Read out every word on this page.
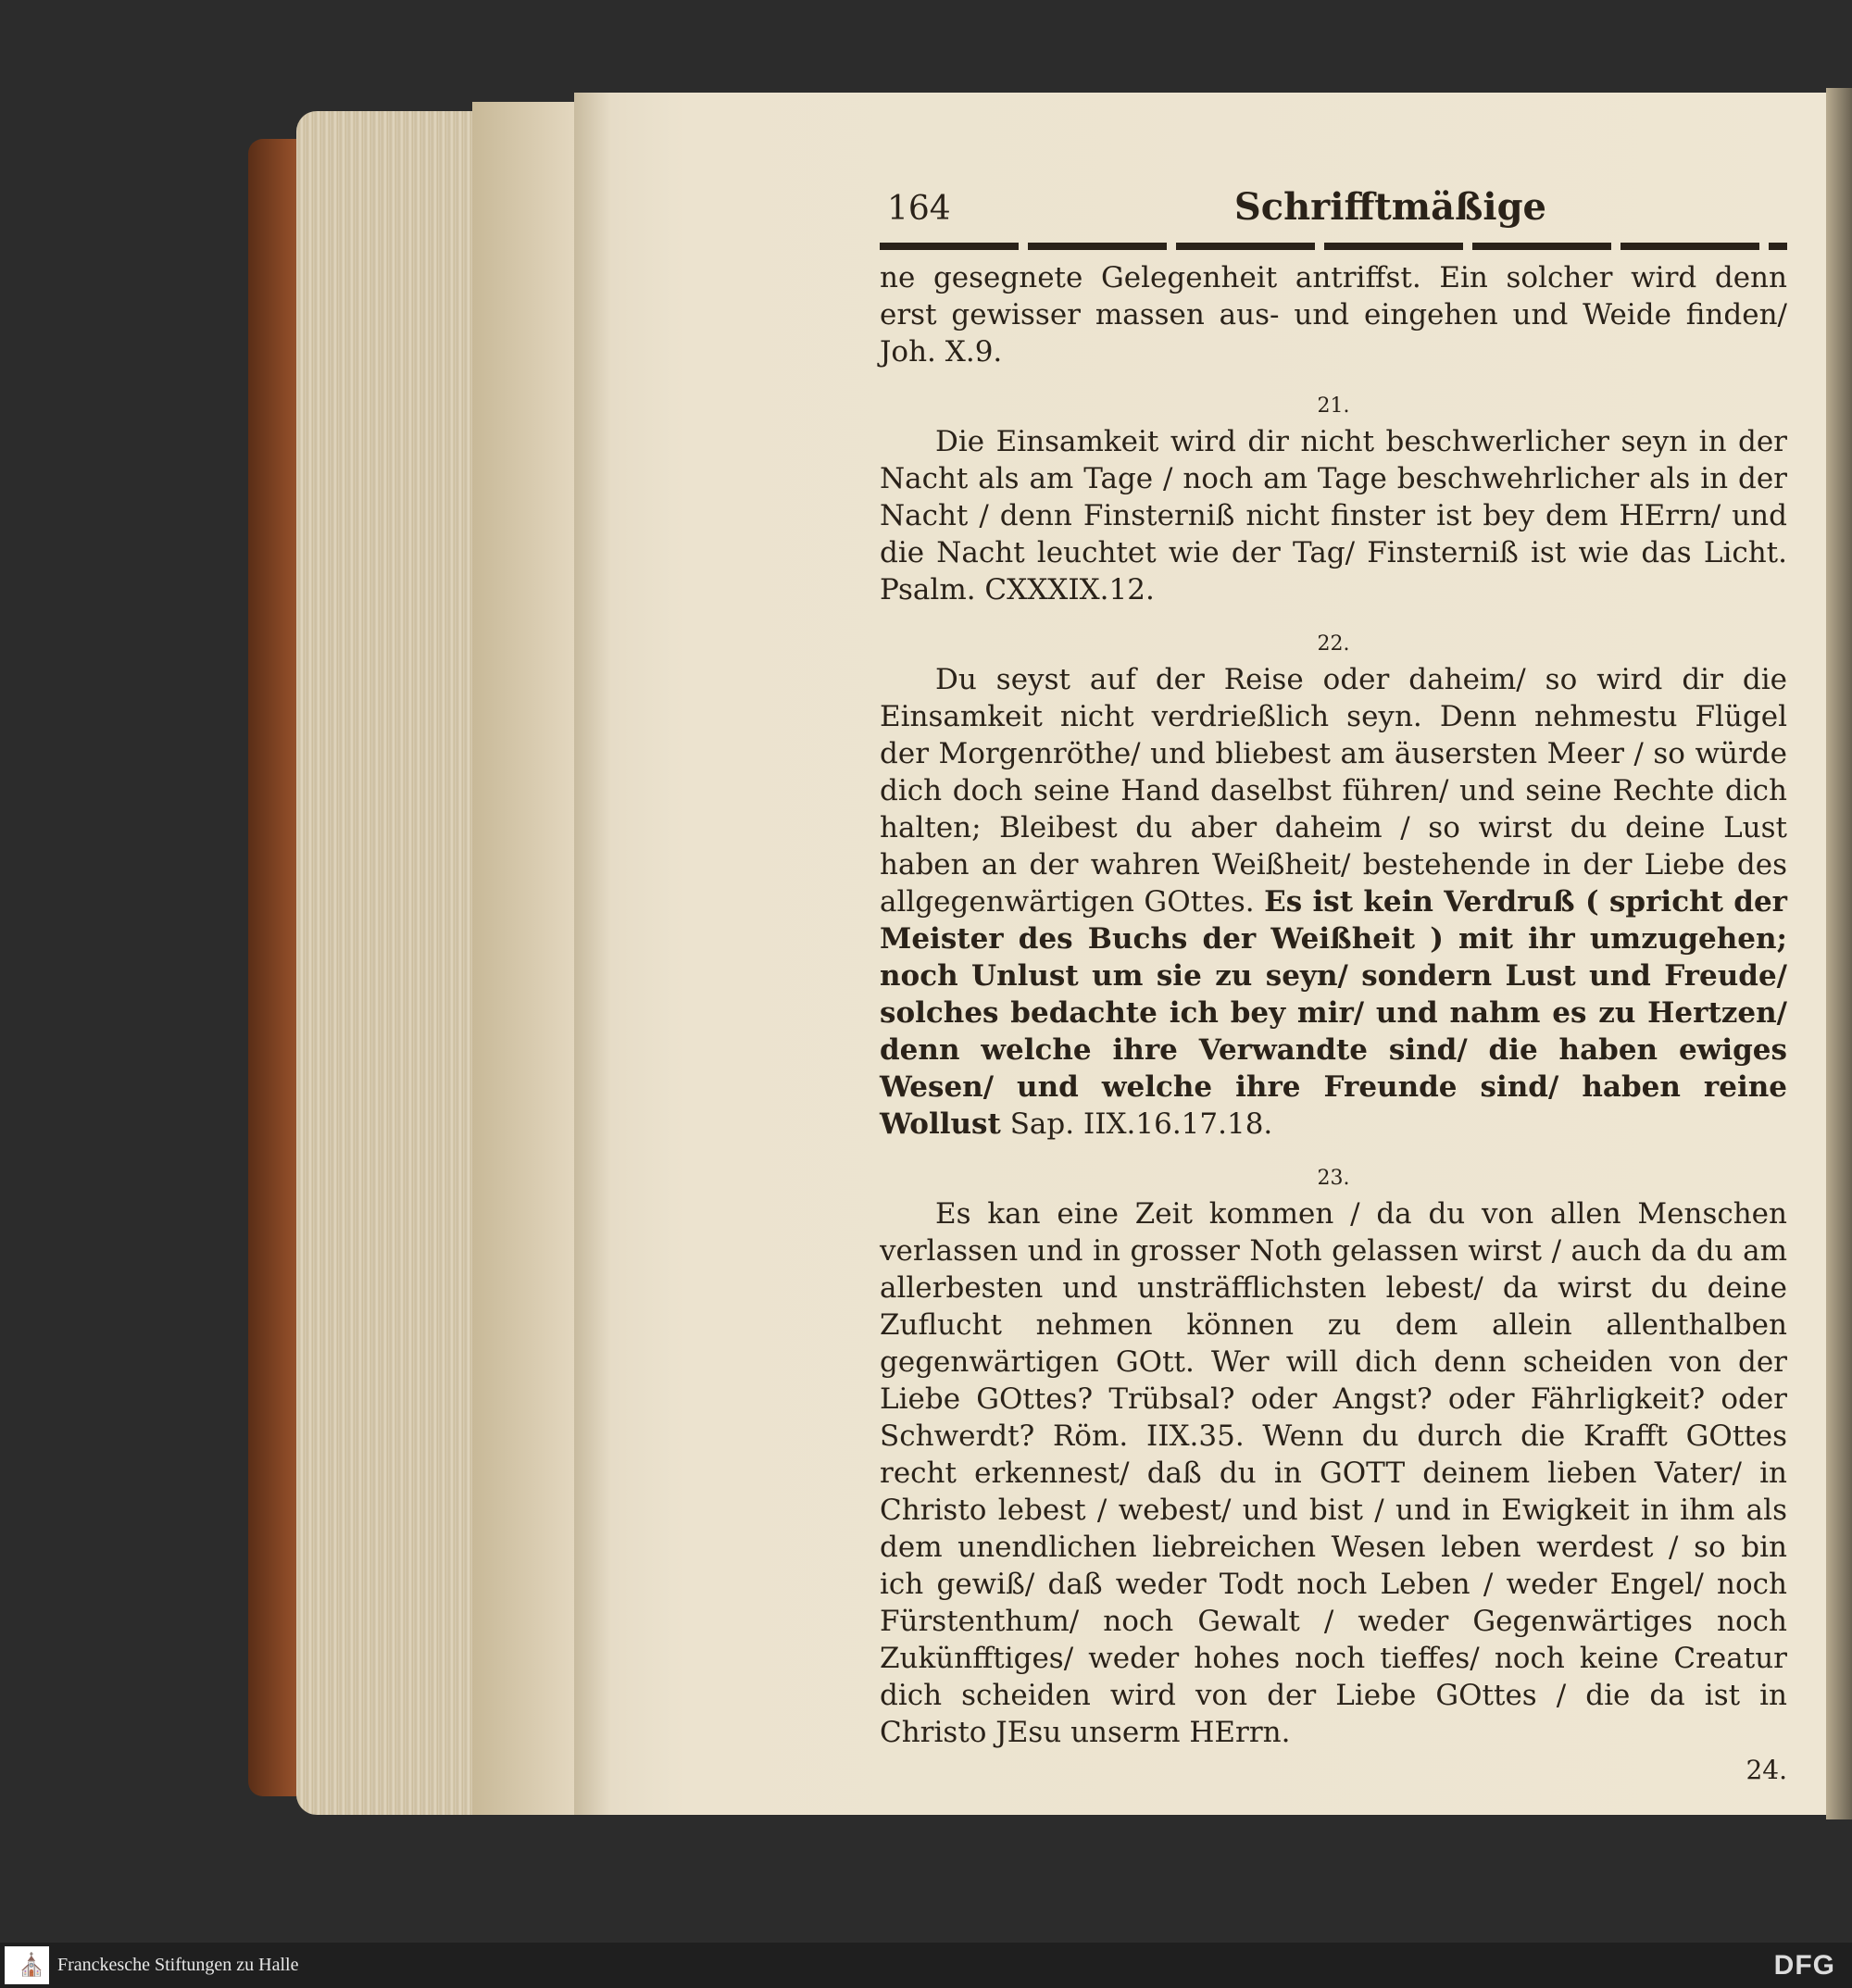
164	Schrifftmäßige

ne gesegnete Gelegenheit antriffst. Ein solcher wird denn erst gewisser massen aus- und eingehen und Weide finden/ Joh. X.9.

21.

Die Einsamkeit wird dir nicht beschwerlicher seyn in der Nacht als am Tage / noch am Tage beschwehrlicher als in der Nacht / denn Finsterniß nicht finster ist bey dem HErrn/ und die Nacht leuchtet wie der Tag/ Finsterniß ist wie das Licht. Psalm. CXXXIX.12.

22.

Du seyst auf der Reise oder daheim/ so wird dir die Einsamkeit nicht verdrießlich seyn. Denn nehmestu Flügel der Morgenröthe/ und bliebest am äusersten Meer / so würde dich doch seine Hand daselbst führen/ und seine Rechte dich halten; Bleibest du aber daheim / so wirst du deine Lust haben an der wahren Weißheit/ bestehende in der Liebe des allgegenwärtigen GOttes. Es ist kein Verdruß ( spricht der Meister des Buchs der Weißheit ) mit ihr umzugehen; noch Unlust um sie zu seyn/ sondern Lust und Freude/ solches bedachte ich bey mir/ und nahm es zu Hertzen/ denn welche ihre Verwandte sind/ die haben ewiges Wesen/ und welche ihre Freunde sind/ haben reine Wollust Sap. IIX.16.17.18.

23.

Es kan eine Zeit kommen / da du von allen Menschen verlassen und in grosser Noth gelassen wirst / auch da du am allerbesten und unsträfflichsten lebest/ da wirst du deine Zuflucht nehmen können zu dem allein allenthalben gegenwärtigen GOtt. Wer will dich denn scheiden von der Liebe GOttes? Trübsal? oder Angst? oder Fährligkeit? oder Schwerdt? Röm. IIX.35. Wenn du durch die Krafft GOttes recht erkennest/ daß du in GOTT deinem lieben Vater/ in Christo lebest / webest/ und bist / und in Ewigkeit in ihm als dem unendlichen liebreichen Wesen leben werdest / so bin ich gewiß/ daß weder Todt noch Leben / weder Engel/ noch Fürstenthum/ noch Gewalt / weder Gegenwärtiges noch Zukünfftiges/ weder hohes noch tieffes/ noch keine Creatur dich scheiden wird von der Liebe GOttes / die da ist in Christo JEsu unserm HErrn.

24.
⛪ Franckesche Stiftungen zu Halle	DFG
